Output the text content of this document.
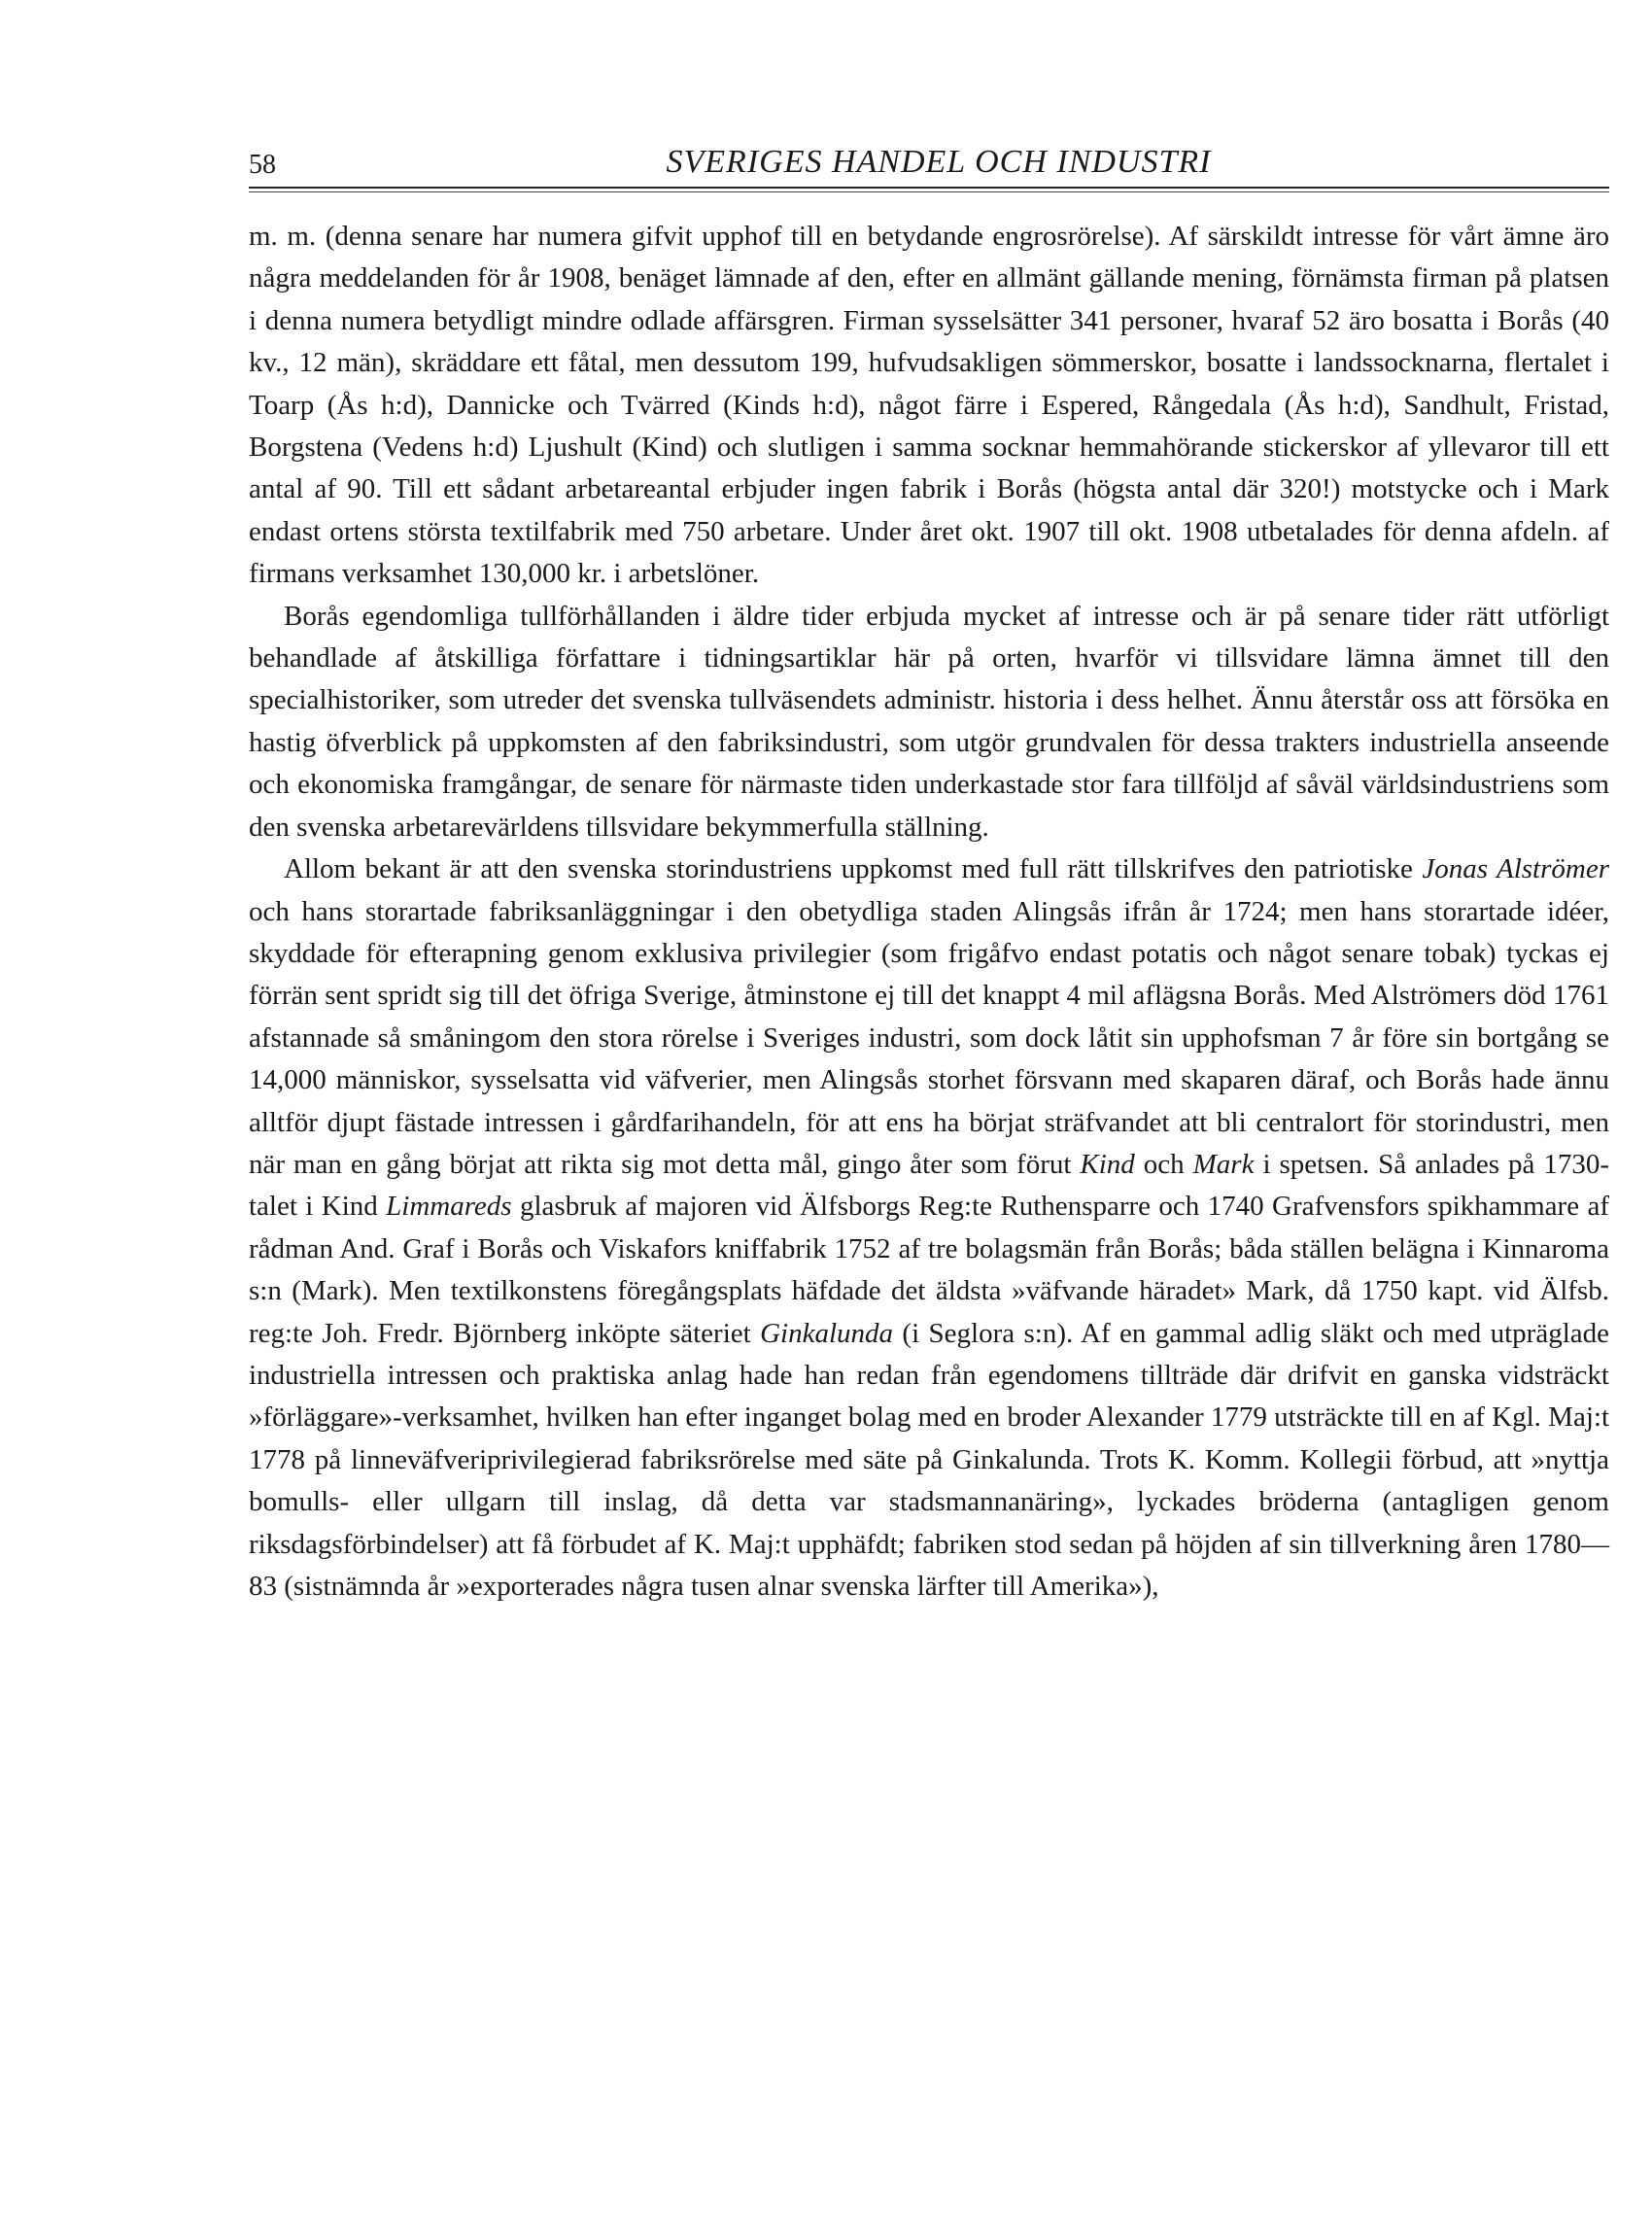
58	SVERIGES HANDEL OCH INDUSTRI

m. m. (denna senare har numera gifvit upphof till en betydande engrosrörelse). Af särskildt intresse för vårt ämne äro några meddelanden för år 1908, benäget lämnade af den, efter en allmänt gällande mening, förnämsta firman på platsen i denna numera betydligt mindre odlade affärsgren. Firman sysselsätter 341 personer, hvaraf 52 äro bosatta i Borås (40 kv., 12 män), skräddare ett fåtal, men dessutom 199, hufvudsakligen sömmerskor, bosatte i landssocknarna, flertalet i Toarp (Ås h:d), Dannicke och Tvärred (Kinds h:d), något färre i Espered, Rångedala (Ås h:d), Sandhult, Fristad, Borgstena (Vedens h:d) Ljushult (Kind) och slutligen i samma socknar hemmahörande stickerskor af yllevaror till ett antal af 90. Till ett sådant arbetareantal erbjuder ingen fabrik i Borås (högsta antal där 320!) motstycke och i Mark endast ortens största textilfabrik med 750 arbetare. Under året okt. 1907 till okt. 1908 utbetalades för denna afdeln. af firmans verksamhet 130,000 kr. i arbetslöner.

Borås egendomliga tullförhållanden i äldre tider erbjuda mycket af intresse och är på senare tider rätt utförligt behandlade af åtskilliga författare i tidningsartiklar här på orten, hvarför vi tillsvidare lämna ämnet till den specialhistoriker, som utreder det svenska tullväsendets administr. historia i dess helhet. Ännu återstår oss att försöka en hastig öfverblick på uppkomsten af den fabriksindustri, som utgör grundvalen för dessa trakters industriella anseende och ekonomiska framgångar, de senare för närmaste tiden underkastade stor fara tillföljd af såväl världsindustriens som den svenska arbetarevärldens tillsvidare bekymmerfulla ställning.

Allom bekant är att den svenska storindustriens uppkomst med full rätt tillskrifves den patriotiske Jonas Alströmer och hans storartade fabriksanläggningar i den obetydliga staden Alingsås ifrån år 1724; men hans storartade idéer, skyddade för efterapning genom exklusiva privilegier (som frigåfvo endast potatis och något senare tobak) tyckas ej förrän sent spridt sig till det öfriga Sverige, åtminstone ej till det knappt 4 mil aflägsna Borås. Med Alströmers död 1761 afstannade så småningom den stora rörelse i Sveriges industri, som dock låtit sin upphofsman 7 år före sin bortgång se 14,000 människor, sysselsatta vid väfverier, men Alingsås storhet försvann med skaparen däraf, och Borås hade ännu alltför djupt fästade intressen i gårdfarihandeln, för att ens ha börjat sträfvandet att bli centralort för storindustri, men när man en gång börjat att rikta sig mot detta mål, gingo åter som förut Kind och Mark i spetsen. Så anlades på 1730-talet i Kind Limmareds glasbruk af majoren vid Älfsborgs Reg:te Ruthensparre och 1740 Grafvensfors spikhammare af rådman And. Graf i Borås och Viskafors kniffabrik 1752 af tre bolagsmän från Borås; båda ställen belägna i Kinnaroma s:n (Mark). Men textilkonstens föregångsplats häfdade det äldsta »väfvande häradet» Mark, då 1750 kapt. vid Älfsb. reg:te Joh. Fredr. Björnberg inköpte säteriet Ginkalunda (i Seglora s:n). Af en gammal adlig släkt och med utpräglade industriella intressen och praktiska anlag hade han redan från egendomens tillträde där drifvit en ganska vidsträckt »förläggare»-verksamhet, hvilken han efter inganget bolag med en broder Alexander 1779 utsträckte till en af Kgl. Maj:t 1778 på linneväfveriprivilegierad fabriksrörelse med säte på Ginkalunda. Trots K. Komm. Kollegii förbud, att »nyttja bomulls- eller ullgarn till inslag, då detta var stadsmannanäring», lyckades bröderna (antagligen genom riksdagsförbindelser) att få förbudet af K. Maj:t upphäfdt; fabriken stod sedan på höjden af sin tillverkning åren 1780—83 (sistnämnda år »exporterades några tusen alnar svenska lärfter till Amerika»),
